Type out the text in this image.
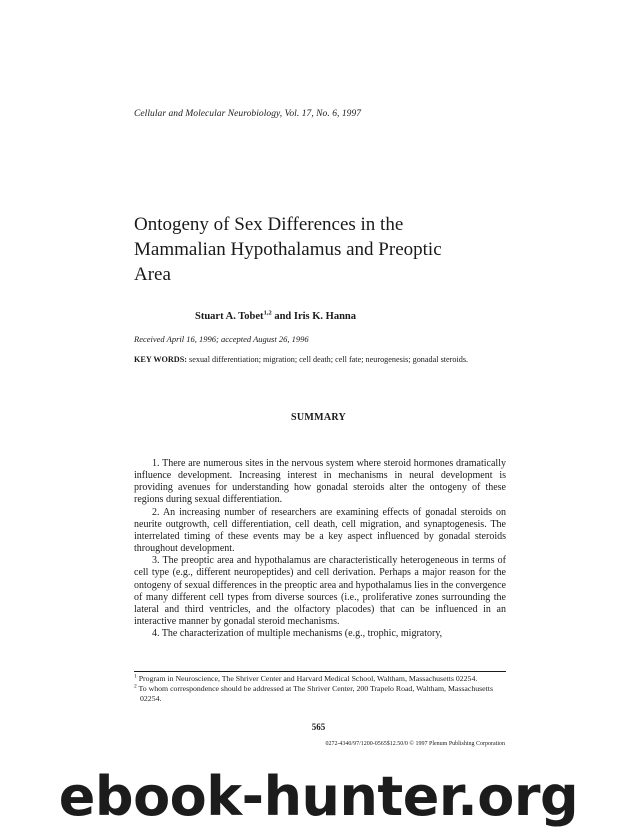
Cellular and Molecular Neurobiology, Vol. 17, No. 6, 1997
Ontogeny of Sex Differences in the
Mammalian Hypothalamus and Preoptic
Area
Stuart A. Tobet$^{1,2}$ and Iris K. Hanna
Received April 16, 1996; accepted August 26, 1996
KEY WORDS: sexual differentiation; migration; cell death; cell fate; neurogenesis; gonadal steroids.
SUMMARY

1. There are numerous sites in the nervous system where steroid hormones dramatically influence development. Increasing interest in mechanisms in neural development is providing avenues for understanding how gonadal steroids alter the ontogeny of these regions during sexual differentiation.

2. An increasing number of researchers are examining effects of gonadal steroids on neurite outgrowth, cell differentiation, cell death, cell migration, and synaptogenesis. The interrelated timing of these events may be a key aspect influenced by gonadal steroids throughout development.

3. The preoptic area and hypothalamus are characteristically heterogeneous in terms of cell type (e.g., different neuropeptides) and cell derivation. Perhaps a major reason for the ontogeny of sexual differences in the preoptic area and hypothalamus lies in the convergence of many different cell types from diverse sources (i.e., proliferative zones surrounding the lateral and third ventricles, and the olfactory placodes) that can be influenced in an interactive manner by gonadal steroid mechanisms.

4. The characterization of multiple mechanisms (e.g., trophic, migratory,

$^1$ Program in Neuroscience, The Shriver Center and Harvard Medical School, Waltham, Massachusetts 02254.

$^2$ To whom correspondence should be addressed at The Shriver Center, 200 Trapelo Road, Waltham, Massachusetts 02254.

565
0272-4340/97/1200-0565$12.50/0 © 1997 Plenum Publishing Corporation
ebook-hunter.org
